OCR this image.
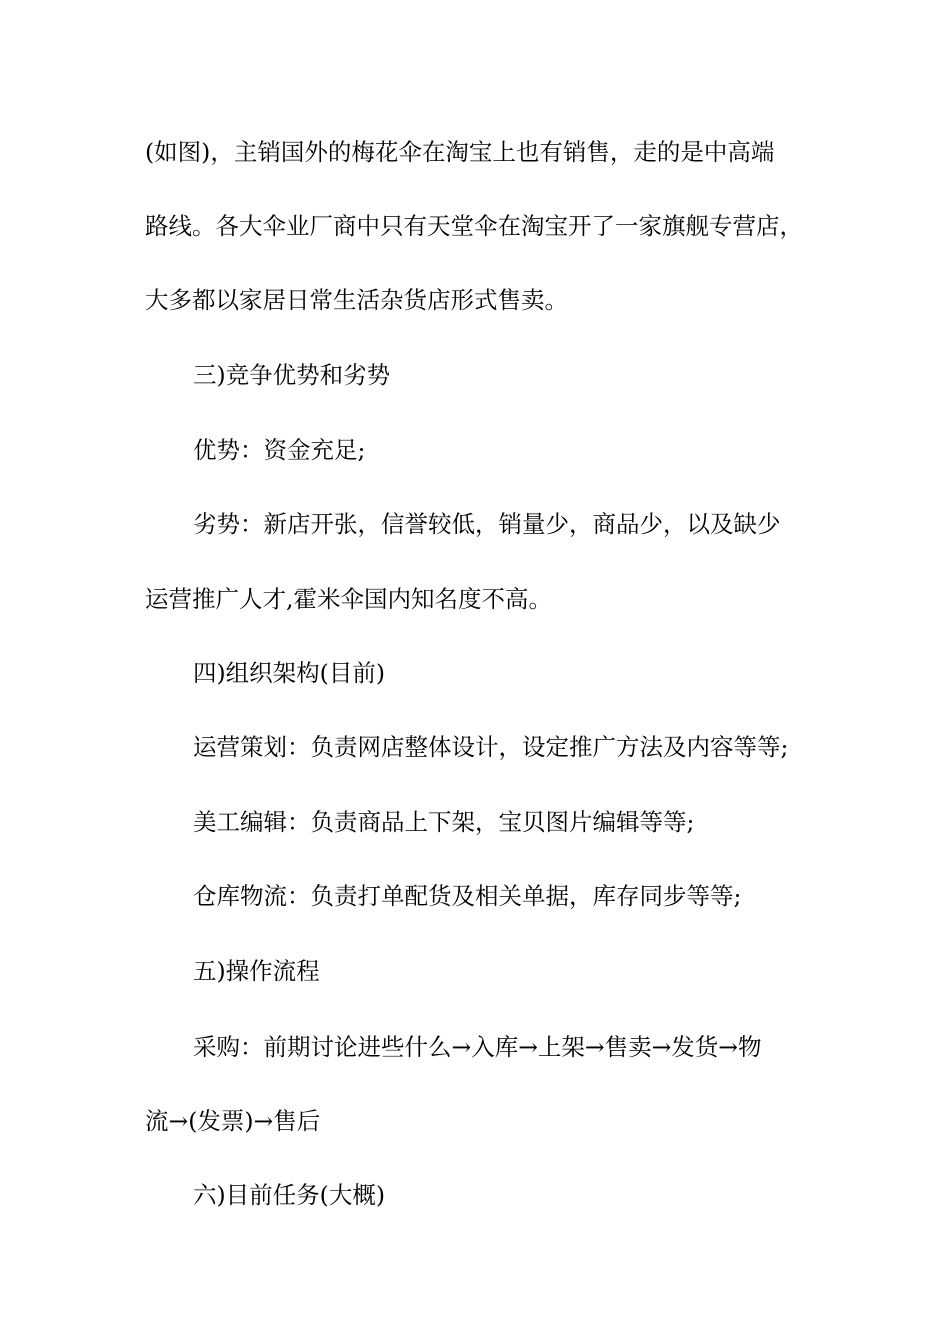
(如图)，主销国外的梅花伞在淘宝上也有销售，走的是中高端
路线。各大伞业厂商中只有天堂伞在淘宝开了一家旗舰专营店，
大多都以家居日常生活杂货店形式售卖。
三)竞争优势和劣势
优势：资金充足;
劣势：新店开张，信誉较低，销量少，商品少，以及缺少
运营推广人才,霍米伞国内知名度不高。
四)组织架构(目前)
运营策划：负责网店整体设计，设定推广方法及内容等等;
美工编辑：负责商品上下架，宝贝图片编辑等等;
仓库物流：负责打单配货及相关单据，库存同步等等;
五)操作流程
采购：前期讨论进些什么→入库→上架→售卖→发货→物
流→(发票)→售后
六)目前任务(大概)
